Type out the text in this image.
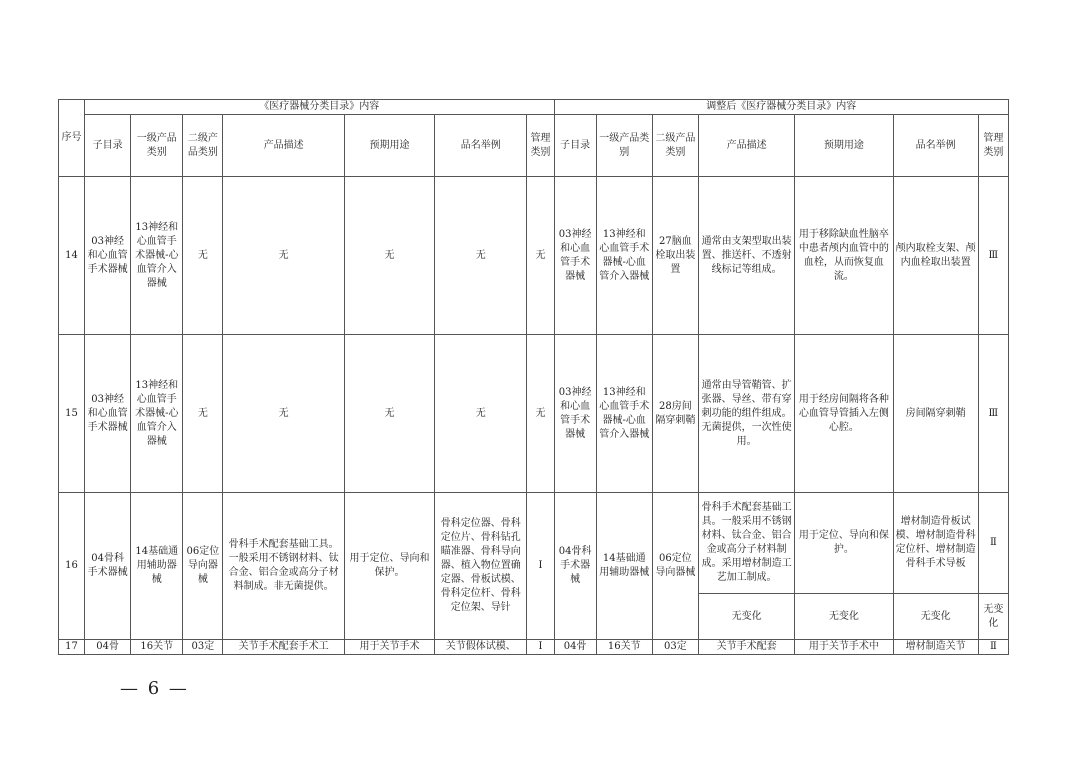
序号	《医疗器械分类目录》内容							调整后《医疗器械分类目录》内容						
	子目录	一级产品类别	二级产品类别	产品描述	预期用途	品名举例	管理类别	子目录	一级产品类别	二级产品类别	产品描述	预期用途	品名举例	管理类别
14	03神经和心血管手术器械	13神经和心血管手术器械-心血管介入器械	无	无	无	无	无	03神经和心血管手术器械	13神经和心血管手术器械-心血管介入器械	27脑血栓取出装置	通常由支架型取出装置、推送杆、不透射线标记等组成。	用于移除缺血性脑卒中患者颅内血管中的血栓，从而恢复血流。	颅内取栓支架、颅内血栓取出装置	Ⅲ
15	03神经和心血管手术器械	13神经和心血管手术器械-心血管介入器械	无	无	无	无	无	03神经和心血管手术器械	13神经和心血管手术器械-心血管介入器械	28房间隔穿刺鞘	通常由导管鞘管、扩张器、导丝、带有穿刺功能的组件组成。无菌提供，一次性使用。	用于经房间隔将各种心血管导管插入左侧心腔。	房间隔穿刺鞘	Ⅲ
16	04骨科手术器械	14基础通用辅助器械	06定位导向器械	骨科手术配套基础工具。一般采用不锈钢材料、钛合金、铝合金或高分子材料制成。非无菌提供。	用于定位、导向和保护。	骨科定位器、骨科定位片、骨科钻孔瞄准器、骨科导向器、植入物位置确定器、骨板试模、骨科定位杆、骨科定位架、导针	Ⅰ	04骨科手术器械	14基础通用辅助器械	06定位导向器械	骨科手术配套基础工具。一般采用不锈钢材料、钛合金、铝合金或高分子材料制成。采用增材制造工艺加工制成。	用于定位、导向和保护。	增材制造骨板试模、增材制造骨科定位杆、增材制造骨科手术导板	Ⅱ
											无变化	无变化	无变化	无变化
17	04骨	16关节	03定	关节手术配套手术工	用于关节手术	关节假体试模、	Ⅰ	04骨	16关节	03定	关节手术配套	用于关节手术中	增材制造关节	Ⅱ
— 6 —
